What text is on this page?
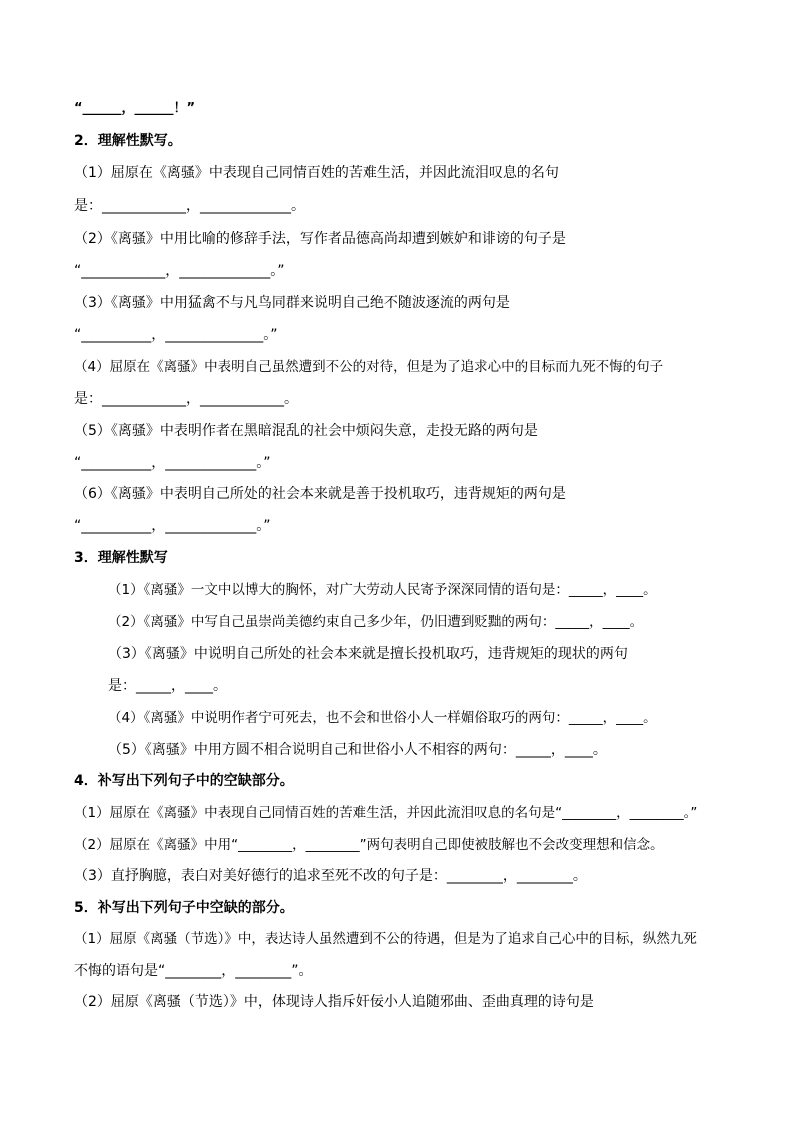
“______，______！”
2．理解性默写。
（1）屈原在《离骚》中表现自己同情百姓的苦难生活，并因此流泪叹息的名句
是：____________，_____________。
（2）《离骚》中用比喻的修辞手法，写作者品德高尚却遭到嫉妒和诽谤的句子是
“____________，_____________。”
（3）《离骚》中用猛禽不与凡鸟同群来说明自己绝不随波逐流的两句是
“__________，______________。”
（4）屈原在《离骚》中表明自己虽然遭到不公的对待，但是为了追求心中的目标而九死不悔的句子
是：____________，____________。
（5）《离骚》中表明作者在黑暗混乱的社会中烦闷失意，走投无路的两句是
“__________，_____________。”
（6）《离骚》中表明自己所处的社会本来就是善于投机取巧，违背规矩的两句是
“__________，_____________。”
3．理解性默写
（1）《离骚》一文中以博大的胸怀，对广大劳动人民寄予深深同情的语句是：_____，____。
（2）《离骚》中写自己虽崇尚美德约束自己多少年，仍旧遭到贬黜的两句：_____，____。
（3）《离骚》中说明自己所处的社会本来就是擅长投机取巧，违背规矩的现状的两句
是：_____，____。
（4）《离骚》中说明作者宁可死去，也不会和世俗小人一样媚俗取巧的两句：_____，____。
（5）《离骚》中用方圆不相合说明自己和世俗小人不相容的两句：_____，____。
4．补写出下列句子中的空缺部分。
（1）屈原在《离骚》中表现自己同情百姓的苦难生活，并因此流泪叹息的名句是“________，________。”
（2）屈原在《离骚》中用“________，________”两句表明自己即使被肢解也不会改变理想和信念。
（3）直抒胸臆，表白对美好德行的追求至死不改的句子是：________，________。
5．补写出下列句子中空缺的部分。
（1）屈原《离骚（节选）》中，表达诗人虽然遭到不公的待遇，但是为了追求自己心中的目标，纵然九死
不悔的语句是“________，________”。
（2）屈原《离骚（节选）》中，体现诗人指斥奸佞小人追随邪曲、歪曲真理的诗句是
